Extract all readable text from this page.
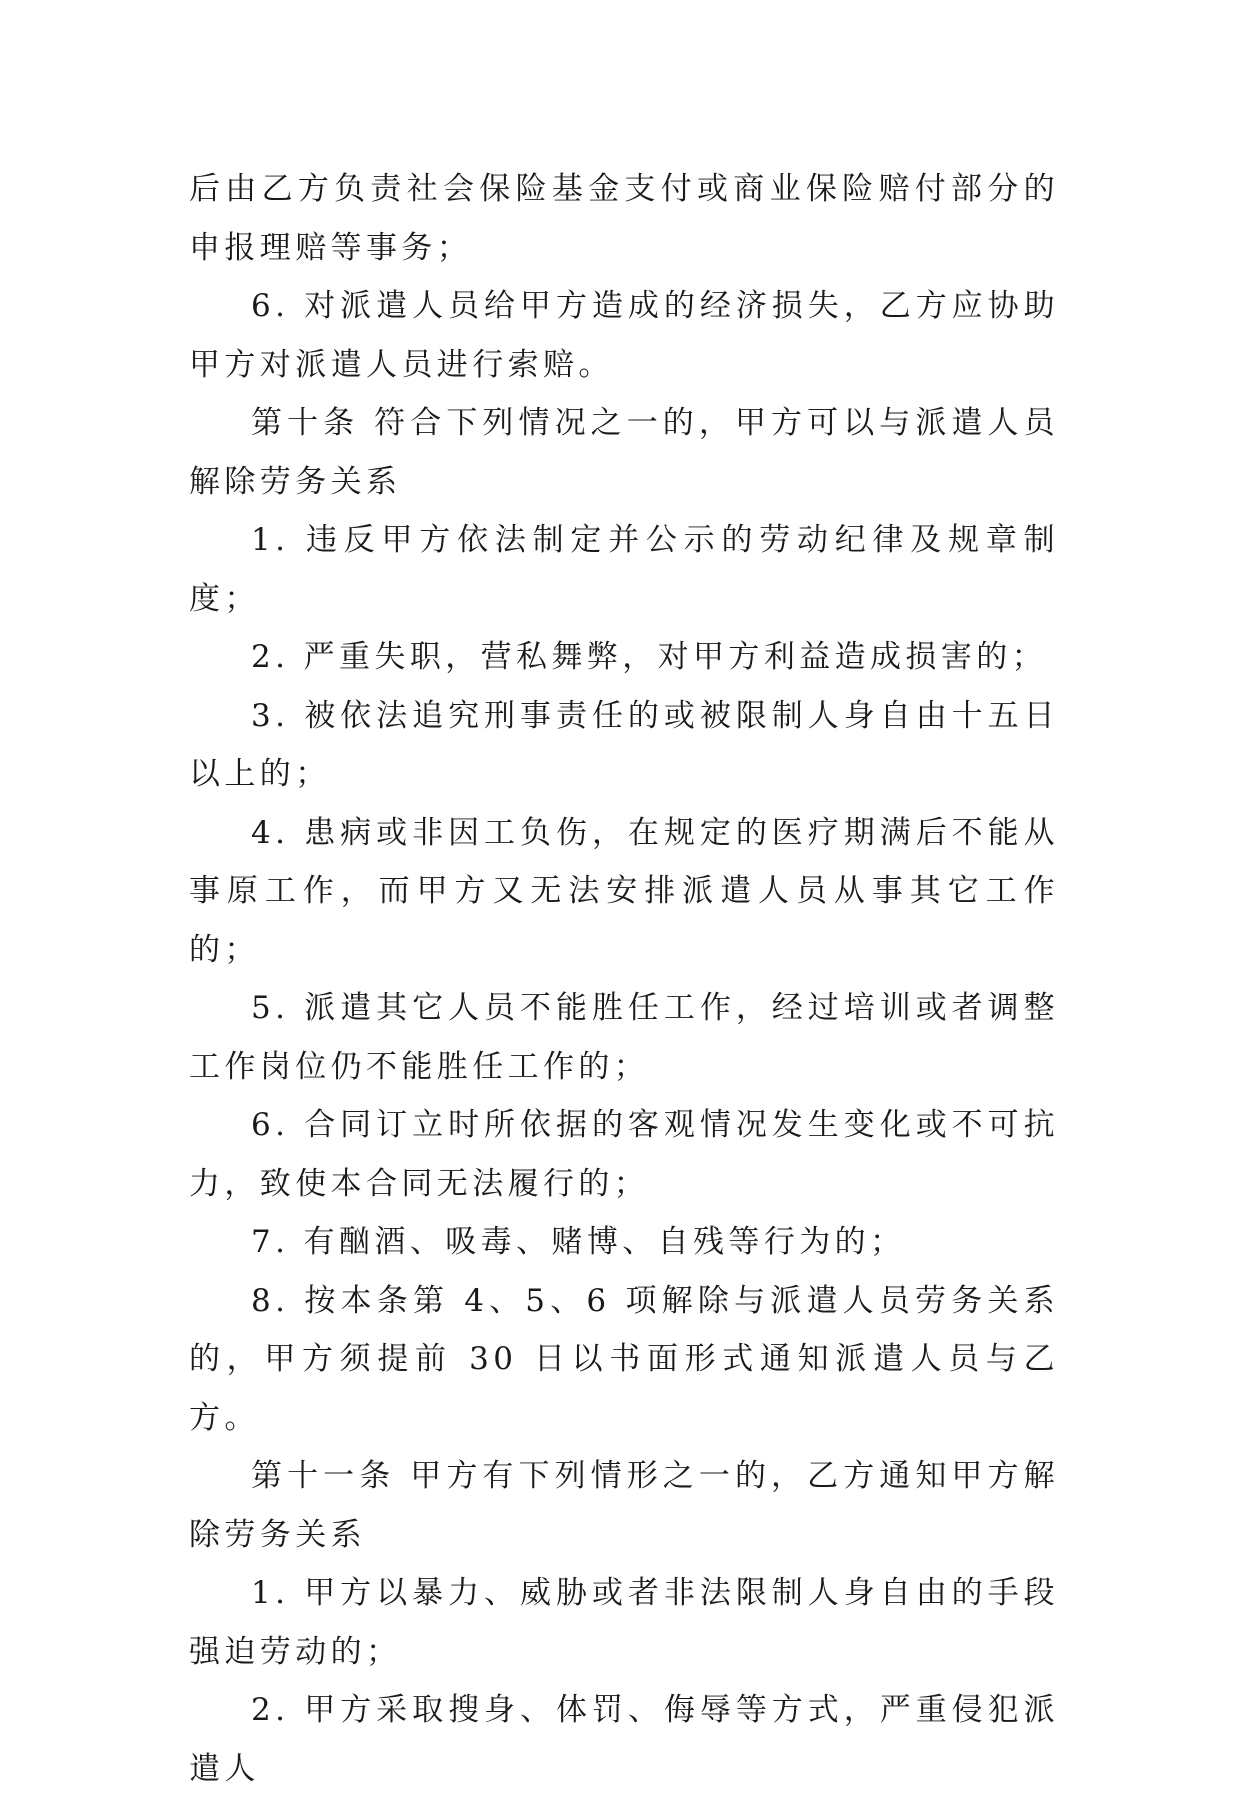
后由乙方负责社会保险基金支付或商业保险赔付部分的申报理赔等事务；

6. 对派遣人员给甲方造成的经济损失，乙方应协助甲方对派遣人员进行索赔。

第十条 符合下列情况之一的，甲方可以与派遣人员解除劳务关系

1. 违反甲方依法制定并公示的劳动纪律及规章制度；

2. 严重失职，营私舞弊，对甲方利益造成损害的；

3. 被依法追究刑事责任的或被限制人身自由十五日以上的；

4. 患病或非因工负伤，在规定的医疗期满后不能从事原工作，而甲方又无法安排派遣人员从事其它工作的；

5. 派遣其它人员不能胜任工作，经过培训或者调整工作岗位仍不能胜任工作的；

6. 合同订立时所依据的客观情况发生变化或不可抗力，致使本合同无法履行的；

7. 有酗酒、吸毒、赌博、自残等行为的；

8. 按本条第 4、5、6 项解除与派遣人员劳务关系的，甲方须提前 30 日以书面形式通知派遣人员与乙方。

第十一条 甲方有下列情形之一的，乙方通知甲方解除劳务关系

1. 甲方以暴力、威胁或者非法限制人身自由的手段强迫劳动的；

2. 甲方采取搜身、体罚、侮辱等方式，严重侵犯派遣人
